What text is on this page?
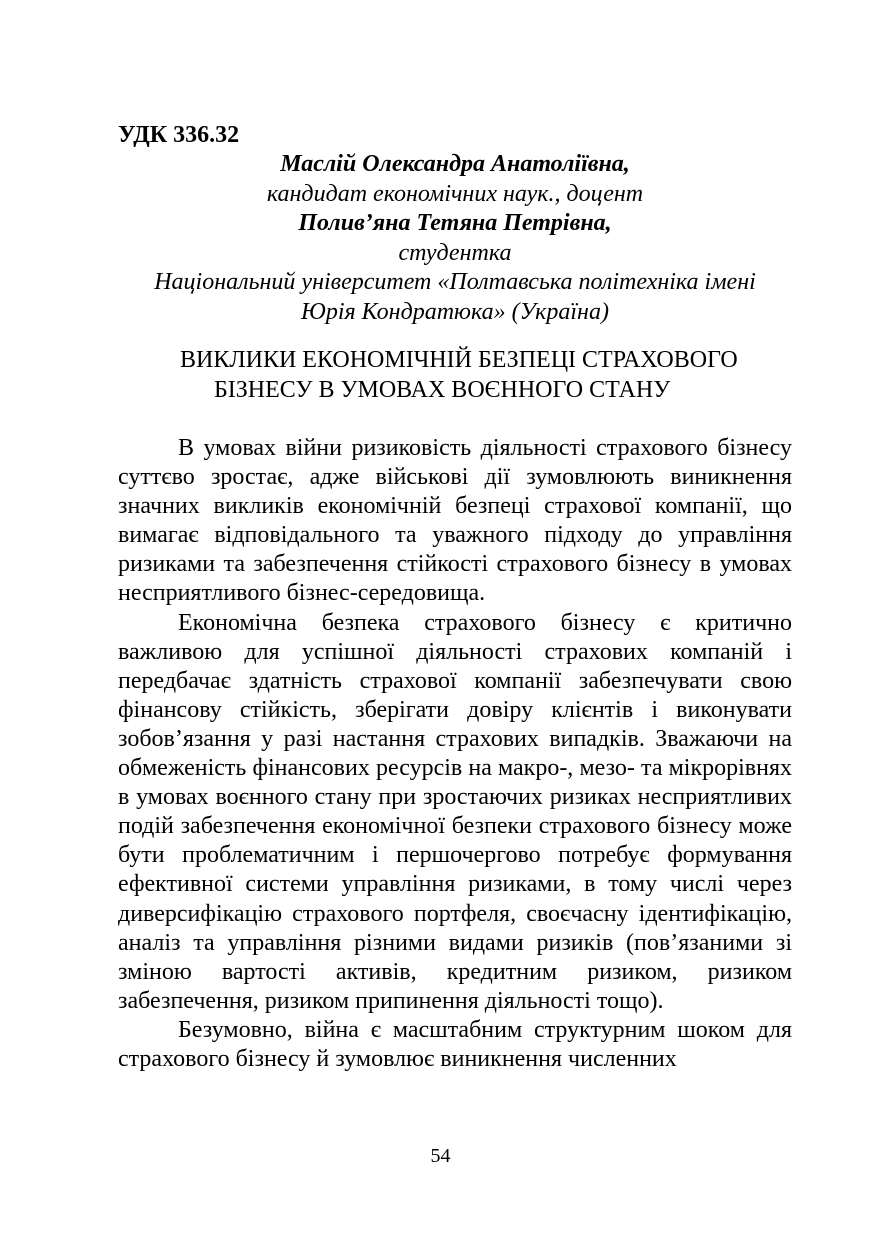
УДК 336.32
Маслій Олександра Анатоліївна,
кандидат економічних наук., доцент
Полив’яна Тетяна Петрівна,
студентка
Національний університет «Полтавська політехніка імені
Юрія Кондратюка» (Україна)
ВИКЛИКИ ЕКОНОМІЧНІЙ БЕЗПЕЦІ СТРАХОВОГО
БІЗНЕСУ В УМОВАХ ВОЄННОГО СТАНУ

В умовах війни ризиковість діяльності страхового бізнесу суттєво зростає, адже військові дії зумовлюють виникнення значних викликів економічній безпеці страхової компанії, що вимагає відповідального та уважного підходу до управління ризиками та забезпечення стійкості страхового бізнесу в умовах несприятливого бізнес-середовища.

Економічна безпека страхового бізнесу є критично важливою для успішної діяльності страхових компаній і передбачає здатність страхової компанії забезпечувати свою фінансову стійкість, зберігати довіру клієнтів і виконувати зобов’язання у разі настання страхових випадків. Зважаючи на обмеженість фінансових ресурсів на макро-, мезо- та мікрорівнях в умовах воєнного стану при зростаючих ризиках несприятливих подій забезпечення економічної безпеки страхового бізнесу може бути проблематичним і першочергово потребує формування ефективної системи управління ризиками, в тому числі через диверсифікацію страхового портфеля, своєчасну ідентифікацію, аналіз та управління різними видами ризиків (пов’язаними зі зміною вартості активів, кредитним ризиком, ризиком забезпечення, ризиком припинення діяльності тощо).

Безумовно, війна є масштабним структурним шоком для страхового бізнесу й зумовлює виникнення численних

54
